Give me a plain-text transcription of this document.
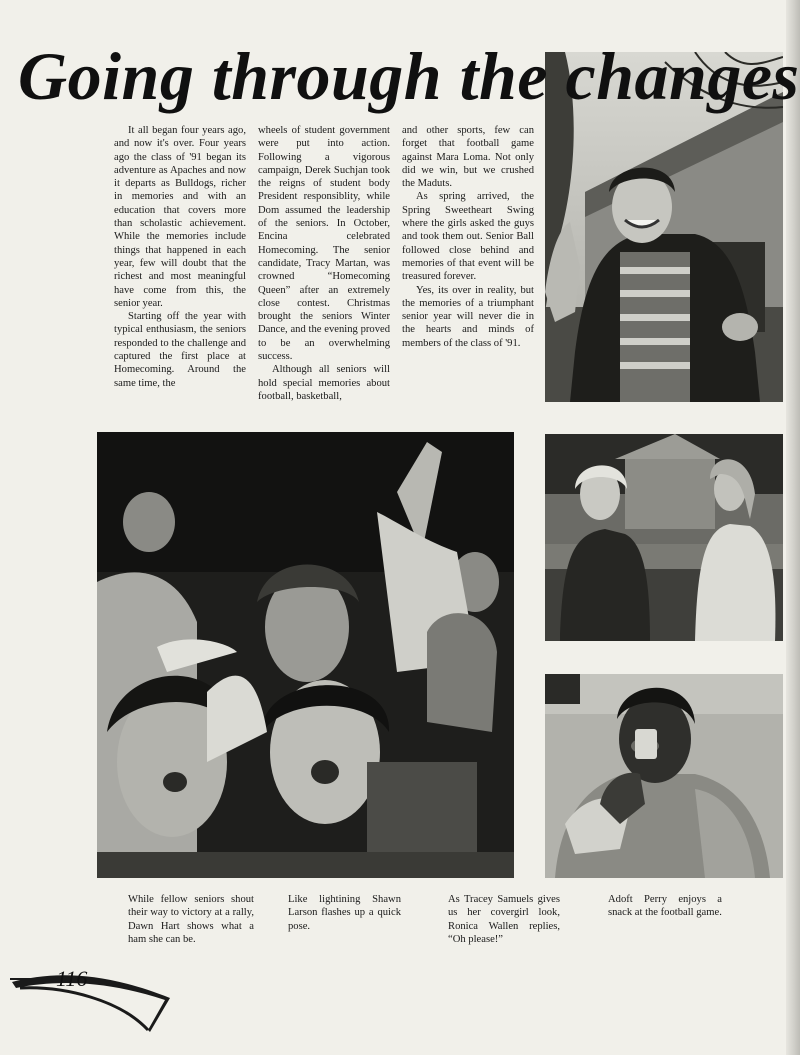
Going through the changes

It all began four years ago, and now it's over. Four years ago the class of '91 began its adventure as Apaches and now it departs as Bulldogs, richer in memories and with an education that covers more than scholastic achievement. While the memories include things that happened in each year, few will doubt that the richest and most meaningful have come from this, the senior year.

Starting off the year with typical enthusiasm, the seniors responded to the challenge and captured the first place at Homecoming. Around the same time, the

wheels of student government were put into action. Following a vigorous campaign, Derek Suchjan took the reigns of student body President responsiblity, while Dom assumed the leadership of the seniors. In October, Encina celebrated Homecoming. The senior candidate, Tracy Martan, was crowned “Homecoming Queen” after an extremely close contest. Christmas brought the seniors Winter Dance, and the evening proved to be an overwhelming success.

Although all seniors will hold special memories about football, basketball,

and other sports, few can forget that football game against Mara Loma. Not only did we win, but we crushed the Maduts.

As spring arrived, the Spring Sweetheart Swing where the girls asked the guys and took them out. Senior Ball followed close behind and memories of that event will be treasured forever.

Yes, its over in reality, but the memories of a triumphant senior year will never die in the hearts and minds of members of the class of '91.

While fellow seniors shout their way to victory at a rally, Dawn Hart shows what a ham she can be.
Like lightining Shawn Larson flashes up a quick pose.
As Tracey Samuels gives us her covergirl look, Ronica Wallen replies, “Oh please!”
Adoft Perry enjoys a snack at the football game.
116
